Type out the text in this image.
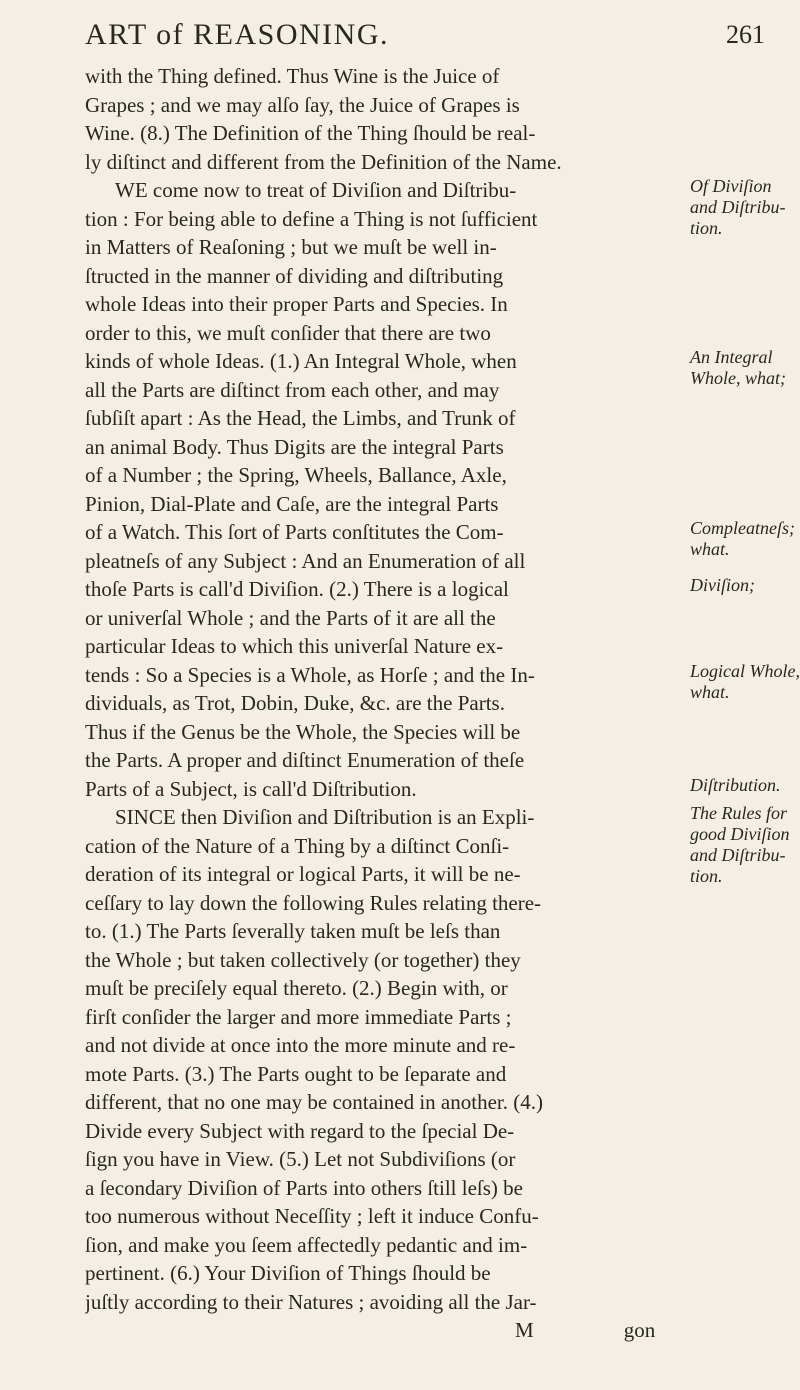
ART of REASONING.	261
with the Thing defined. Thus Wine is the Juice of
Grapes ; and we may alſo ſay, the Juice of Grapes is
Wine. (8.) The Definition of the Thing ſhould be real-
ly diſtinct and different from the Definition of the Name.
WE come now to treat of Diviſion and Diſtribu-
tion : For being able to define a Thing is not ſufficient
in Matters of Reaſoning ; but we muſt be well in-
ſtructed in the manner of dividing and diſtributing
whole Ideas into their proper Parts and Species. In
order to this, we muſt conſider that there are two
kinds of whole Ideas. (1.) An Integral Whole, when
all the Parts are diſtinct from each other, and may
ſubſiſt apart : As the Head, the Limbs, and Trunk of
an animal Body. Thus Digits are the integral Parts
of a Number ; the Spring, Wheels, Ballance, Axle,
Pinion, Dial-Plate and Caſe, are the integral Parts
of a Watch. This ſort of Parts conſtitutes the Com-
pleatneſs of any Subject : And an Enumeration of all
thoſe Parts is call'd Diviſion. (2.) There is a logical
or univerſal Whole ; and the Parts of it are all the
particular Ideas to which this univerſal Nature ex-
tends : So a Species is a Whole, as Horſe ; and the In-
dividuals, as Trot, Dobin, Duke, &c. are the Parts.
Thus if the Genus be the Whole, the Species will be
the Parts. A proper and diſtinct Enumeration of theſe
Parts of a Subject, is call'd Diſtribution.
SINCE then Diviſion and Diſtribution is an Expli-
cation of the Nature of a Thing by a diſtinct Conſi-
deration of its integral or logical Parts, it will be ne-
ceſſary to lay down the following Rules relating there-
to. (1.) The Parts ſeverally taken muſt be leſs than
the Whole ; but taken collectively (or together) they
muſt be preciſely equal thereto. (2.) Begin with, or
firſt conſider the larger and more immediate Parts ;
and not divide at once into the more minute and re-
mote Parts. (3.) The Parts ought to be ſeparate and
different, that no one may be contained in another. (4.)
Divide every Subject with regard to the ſpecial De-
ſign you have in View. (5.) Let not Subdiviſions (or
a ſecondary Diviſion of Parts into others ſtill leſs) be
too numerous without Neceſſity ; left it induce Confu-
ſion, and make you ſeem affectedly pedantic and im-
pertinent. (6.) Your Diviſion of Things ſhould be
juſtly according to their Natures ; avoiding all the Jar-
M	gon
Of Diviſion
and Diſtribu-
tion.
An Integral
Whole, what;
Compleatneſs;
what.
Diviſion;
Logical Whole,
what.
Diſtribution.
The Rules for
good Diviſion
and Diſtribu-
tion.
